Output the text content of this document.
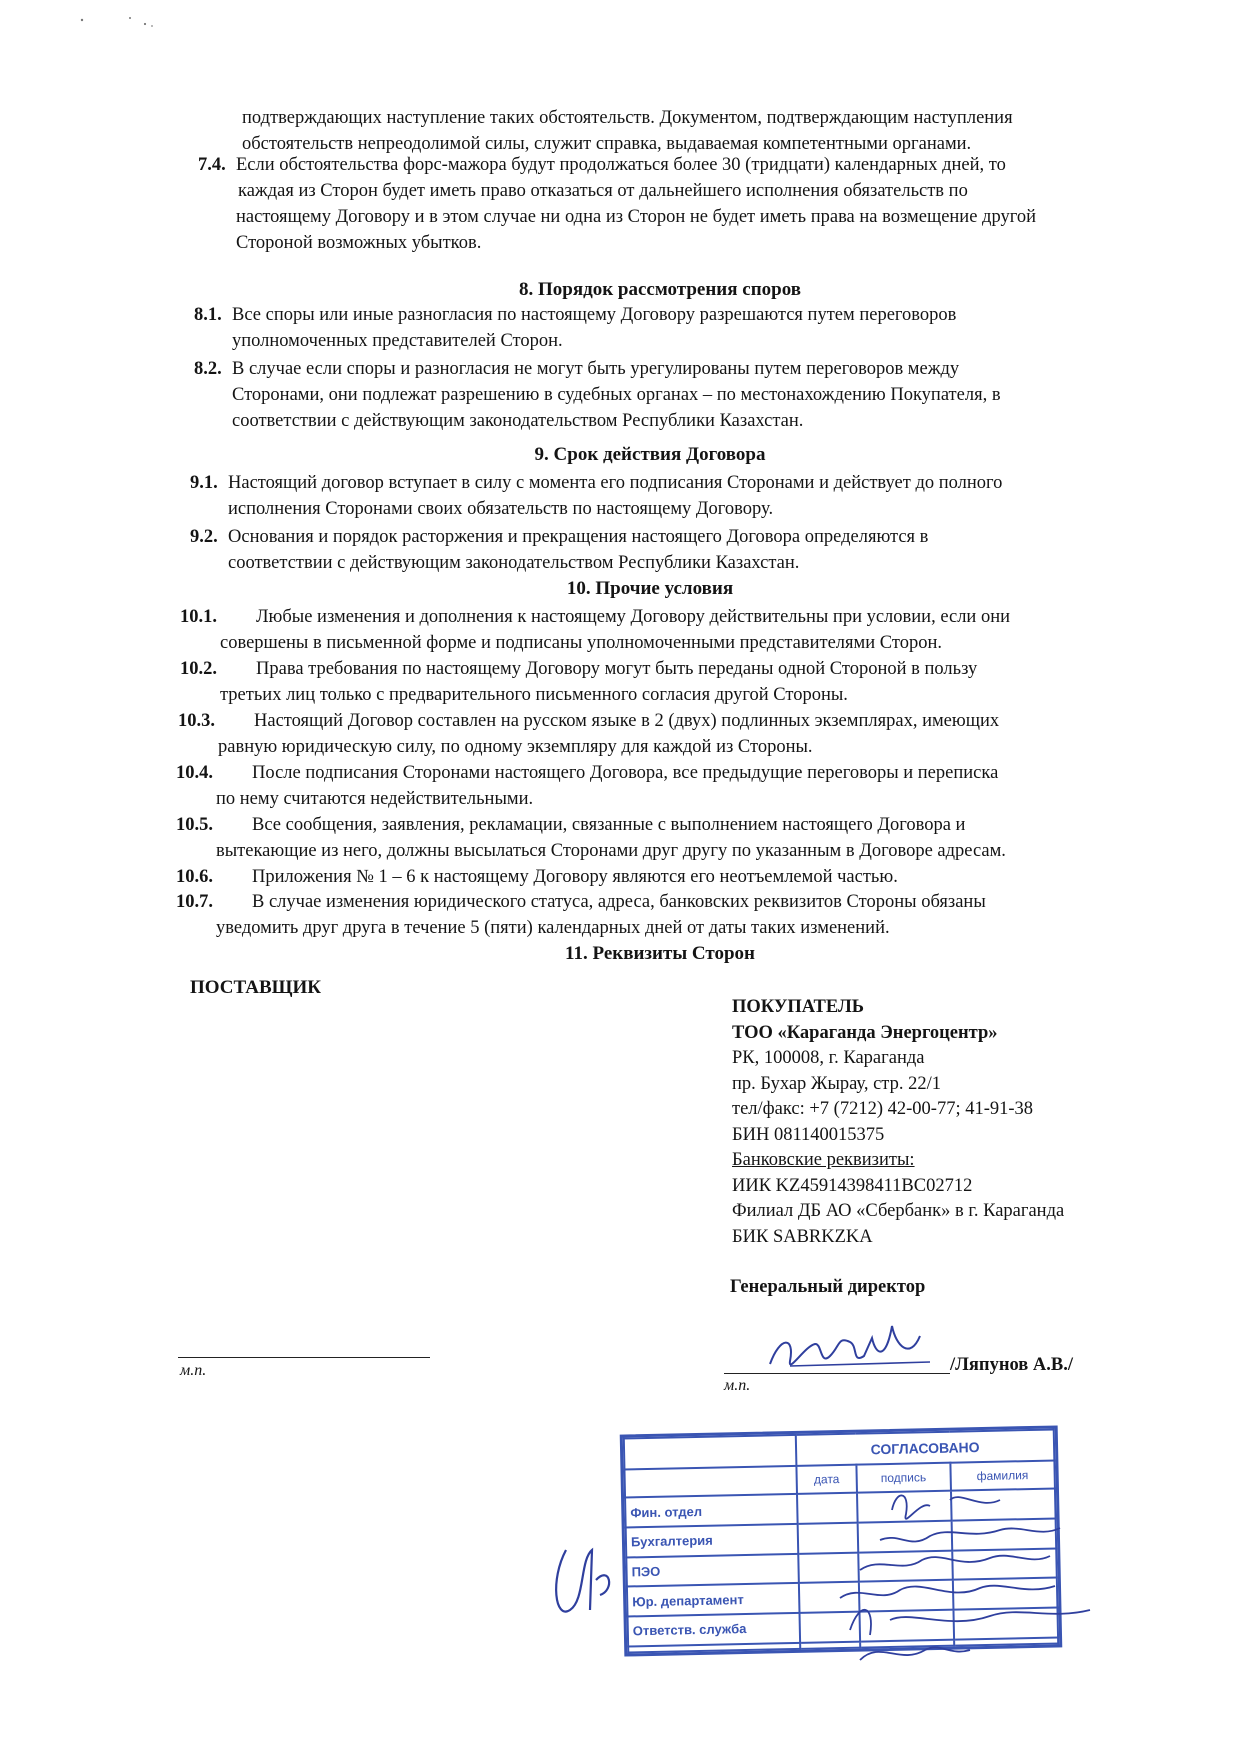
подтверждающих наступление таких обстоятельств. Документом, подтверждающим наступления
обстоятельств непреодолимой силы, служит справка, выдаваемая компетентными органами.
7.4. Если обстоятельства форс-мажора будут продолжаться более 30 (тридцати) календарных дней, то
каждая из Сторон будет иметь право отказаться от дальнейшего исполнения обязательств по
настоящему Договору и в этом случае ни одна из Сторон не будет иметь права на возмещение другой
Стороной возможных убытков.
8. Порядок рассмотрения споров
8.1. Все споры или иные разногласия по настоящему Договору разрешаются путем переговоров
уполномоченных представителей Сторон.
8.2. В случае если споры и разногласия не могут быть урегулированы путем переговоров между
Сторонами, они подлежат разрешению в судебных органах – по местонахождению Покупателя, в
соответствии с действующим законодательством Республики Казахстан.
9. Срок действия Договора
9.1. Настоящий договор вступает в силу с момента его подписания Сторонами и действует до полного
исполнения Сторонами своих обязательств по настоящему Договору.
9.2. Основания и порядок расторжения и прекращения настоящего Договора определяются в
соответствии с действующим законодательством Республики Казахстан.
10. Прочие условия
10.1.	Любые изменения и дополнения к настоящему Договору действительны при условии, если они
совершены в письменной форме и подписаны уполномоченными представителями Сторон.
10.2.	Права требования по настоящему Договору могут быть переданы одной Стороной в пользу
третьих лиц только с предварительного письменного согласия другой Стороны.
10.3.	Настоящий Договор составлен на русском языке в 2 (двух) подлинных экземплярах, имеющих
равную юридическую силу, по одному экземпляру для каждой из Стороны.
10.4.	После подписания Сторонами настоящего Договора, все предыдущие переговоры и переписка
по нему считаются недействительными.
10.5.	Все сообщения, заявления, рекламации, связанные с выполнением настоящего Договора и
вытекающие из него, должны высылаться Сторонами друг другу по указанным в Договоре адресам.
10.6.	Приложения № 1 – 6 к настоящему Договору являются его неотъемлемой частью.
10.7.	В случае изменения юридического статуса, адреса, банковских реквизитов Стороны обязаны
уведомить друг друга в течение 5 (пяти) календарных дней от даты таких изменений.
11. Реквизиты Сторон
ПОСТАВЩИК
ПОКУПАТЕЛЬ
ТОО «Караганда Энергоцентр»
РК, 100008, г. Караганда
пр. Бухар Жырау, стр. 22/1
тел/факс: +7 (7212) 42-00-77; 41-91-38
БИН 081140015375
Банковские реквизиты:
ИИК KZ45914398411BC02712
Филиал ДБ АО «Сбербанк» в г. Караганда
БИК SABRKZKA
Генеральный директор
м.п.	/Ляпунов А.В./
м.п.
	СОГЛАСОВАНО		
	дата	подпись	фамилия
Фин. отдел			
Бухгалтерия			
ПЭО			
Юр. департамент			
Ответств. служба			
